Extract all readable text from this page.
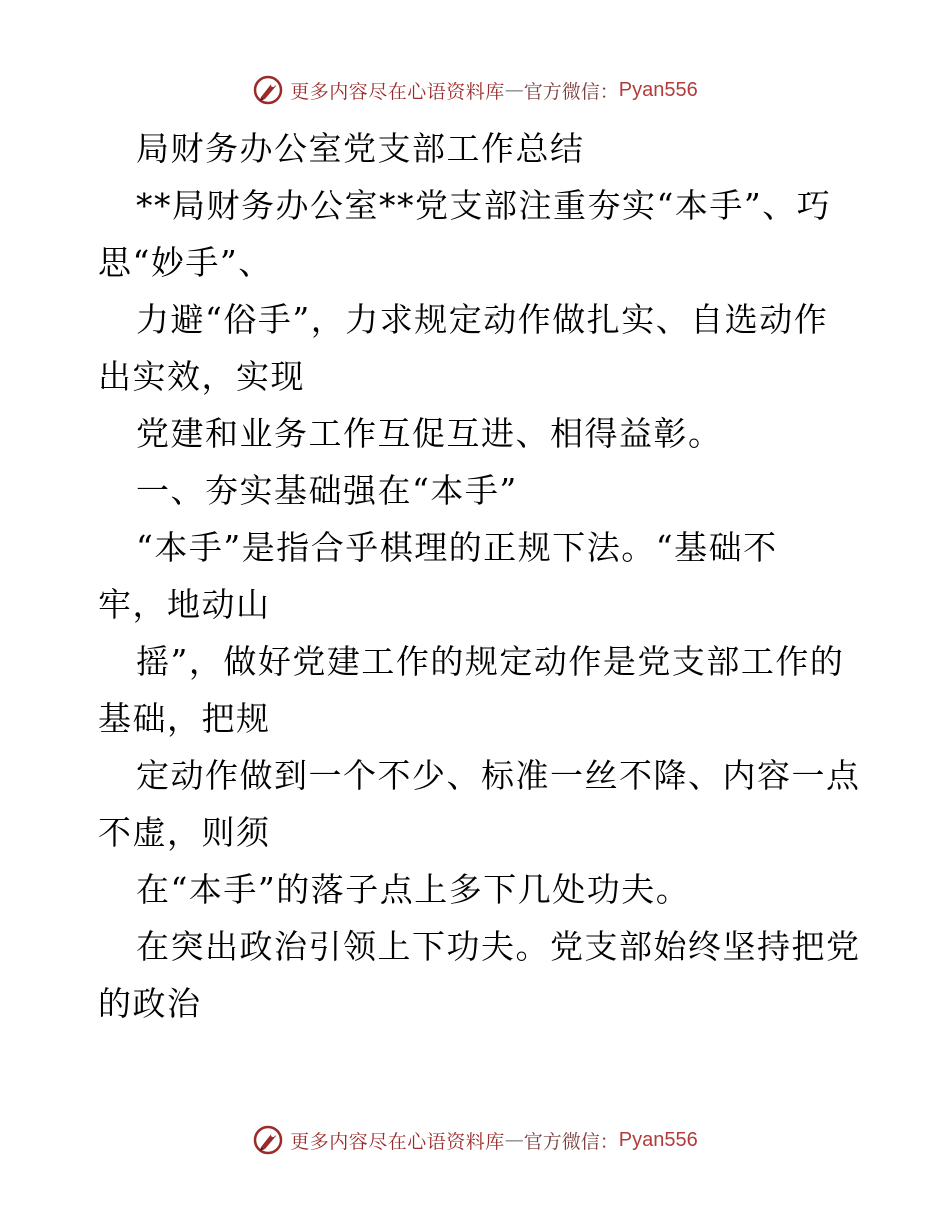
更多内容尽在心语资料库 — 官方微信： Pyan556

局财务办公室党支部工作总结

**局财务办公室**党支部注重夯实“本手”、巧

思“妙手”、

力避“俗手”，力求规定动作做扎实、自选动作

出实效，实现

党建和业务工作互促互进、相得益彰。

一、夯实基础强在“本手”

“本手”是指合乎棋理的正规下法。“基础不

牢，地动山

摇”，做好党建工作的规定动作是党支部工作的

基础，把规

定动作做到一个不少、标准一丝不降、内容一点

不虚，则须

在“本手”的落子点上多下几处功夫。

在突出政治引领上下功夫。党支部始终坚持把党

的政治

更多内容尽在心语资料库 — 官方微信： Pyan556
